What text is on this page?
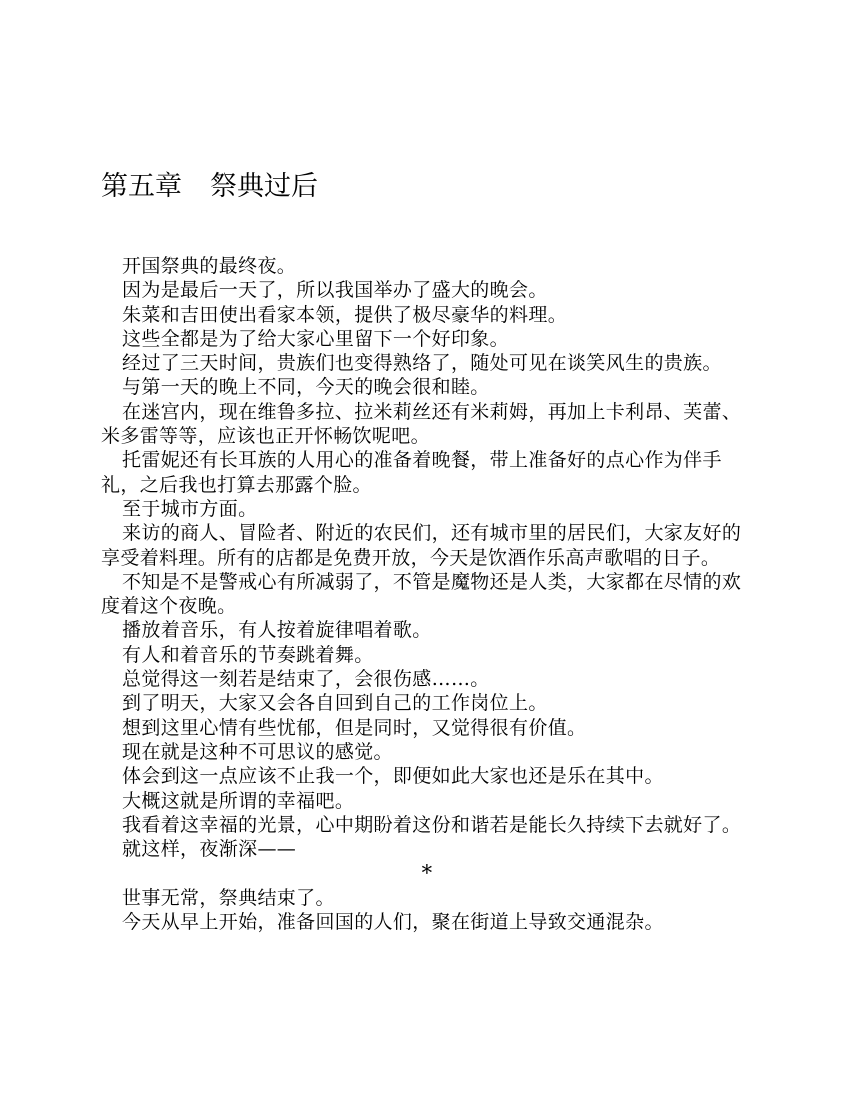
第五章 祭典过后

开国祭典的最终夜。

因为是最后一天了，所以我国举办了盛大的晚会。

朱菜和吉田使出看家本领，提供了极尽豪华的料理。

这些全都是为了给大家心里留下一个好印象。

经过了三天时间，贵族们也变得熟络了，随处可见在谈笑风生的贵族。

与第一天的晚上不同，今天的晚会很和睦。

在迷宫内，现在维鲁多拉、拉米莉丝还有米莉姆，再加上卡利昂、芙蕾、米多雷等等，应该也正开怀畅饮呢吧。

托雷妮还有长耳族的人用心的准备着晚餐，带上准备好的点心作为伴手礼，之后我也打算去那露个脸。

至于城市方面。

来访的商人、冒险者、附近的农民们，还有城市里的居民们，大家友好的享受着料理。所有的店都是免费开放，今天是饮酒作乐高声歌唱的日子。

不知是不是警戒心有所减弱了，不管是魔物还是人类，大家都在尽情的欢度着这个夜晚。

播放着音乐，有人按着旋律唱着歌。

有人和着音乐的节奏跳着舞。

总觉得这一刻若是结束了，会很伤感……。

到了明天，大家又会各自回到自己的工作岗位上。

想到这里心情有些忧郁，但是同时，又觉得很有价值。

现在就是这种不可思议的感觉。

体会到这一点应该不止我一个，即便如此大家也还是乐在其中。

大概这就是所谓的幸福吧。

我看着这幸福的光景，心中期盼着这份和谐若是能长久持续下去就好了。

就这样，夜渐深——

*

世事无常，祭典结束了。

今天从早上开始，准备回国的人们，聚在街道上导致交通混杂。
